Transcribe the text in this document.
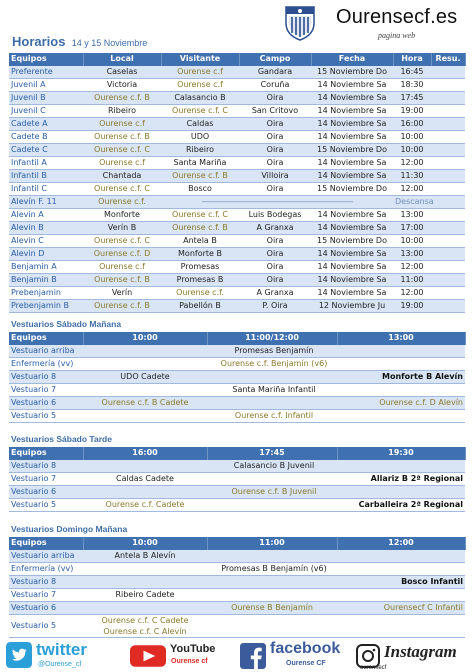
Ourensecf.es
pagina web
Horarios 14 y 15 Noviembre
Equipos	Local	Visitante	Campo	Fecha	Hora	Resu.	
Preferente	Caselas	Ourense c.f	Gandara	15 Noviembre Do	16:45		
Juvenil A	Victoria	Ourense c.f	Coruña	14 Noviembre Sa	18:30		
Juvenil B	Ourense c.f. B	Calasancio B	Oira	14 Noviembre Sa	17:45		
Juvenil C	Ribeiro	Ourense c.f. C	San Critovo	14 Noviembre Sa	19:00		
Cadete A	Ourense c.f	Caldas	Oira	14 Noviembre Sa	16:00		
Cadete B	Ourense c.f. B	UDO	Oira	14 Noviembre Sa	10:00		
Cadete C	Ourense c.f. C	Ribeiro	Oira	15 Noviembre Do	10:00		
Infantil A	Ourense c.f	Santa Mariña	Oira	14 Noviembre Sa	12:00		
Infantil B	Chantada	Ourense c.f. B	Villoira	14 Noviembre Sa	11:30		
Infantil C	Ourense c.f. C	Bosco	Oira	15 Noviembre Do	12:00		
Alevín F. 11	Ourense c.f.	--------------------------------------------------------------------------------			Descansa		
Alevin A	Monforte	Ourense c.f. C	Luis Bodegas	14 Noviembre Sa	13:00		
Alevin B	Verín B	Ourense c.f. B	A Granxa	14 Noviembre Sa	17:00		
Alevin C	Ourense c.f. C	Antela B	Oira	15 Noviembre Do	10:00		
Alevin D	Ourense c.f. D	Monforte B	Oira	14 Noviembre Sa	13:00		
Benjamin A	Ourense c.f	Promesas	Oira	14 Noviembre Sa	12:00		
Benjamin B	Ourense c.f. B	Promesas B	Oira	14 Noviembre Sa	11:00		
Prebenjamin	Verín	Ourense c.f.	A Granxa	14 Noviembre Sa	12:00		
Prebenjamin B	Ourense c.f. B	Pabellón B	P. Oira	12 Noviembre Ju	19:00		
Vestuarios Sábado Mañana
Equipos	10:00	11:00/12:00	13:00
Vestuario arriba	Promesas Benjamín		
Enfermería (vv)	Ourense c.f. Benjamín (v6)		
Vestuario 8	UDO Cadete		Monforte B Alevín
Vestuario 7	Santa Mariña Infantil		
Vestuario 6	Ourense c.f. B Cadete		Ourense c.f. D Alevín
Vestuario 5	Ourense c.f. Infantil		
Vestuarios Sábado Tarde
Equipos	16:00	17:45	19:30
Vestuario 8	Calasancio B Juvenil		
Vestuario 7	Caldas Cadete		Allariz B 2ª Regional
Vestuario 6	Ourense c.f. B Juvenil		
Vestuario 5	Ourense c.f. Cadete		Carballeira 2ª Regional
Vestuarios Domingo Mañana
Equipos	10:00	11:00	12:00
Vestuario arriba	Antela B Alevín		
Enfermería (vv)	Promesas B Benjamín (v6)		
Vestuario 8			Bosco Infantil
Vestuario 7	Ribeiro Cadete		
Vestuario 6		Ourense B Benjamín	Ourensecf C Infantil
Vestuario 5	Ourense c.f. C Cadete
Ourense c.f. C Alevín		

twitter
@Ourense_cf
YouTube
Ourense cf
facebook
Ourense CF
Instagram
ourensecf
